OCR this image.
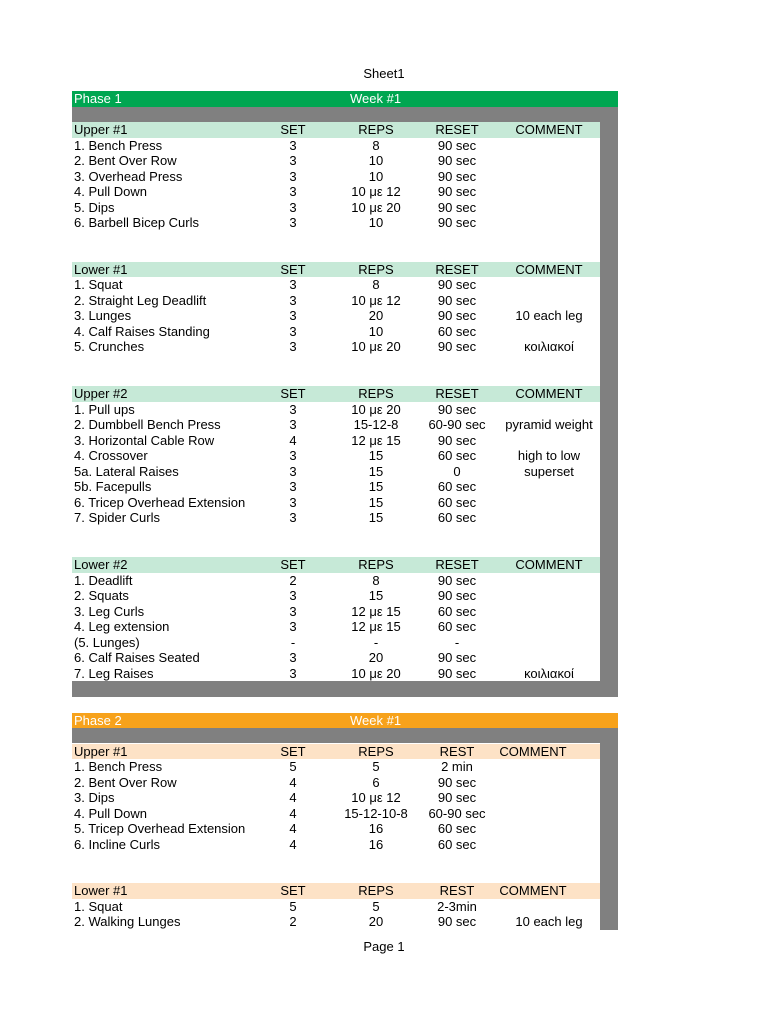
Sheet1
Phase 1	Week #1
Upper #1	SET	REPS	RESET	COMMENT
1. Bench Press	3	8	90 sec
2. Bent Over Row	3	10	90 sec
3. Overhead Press	3	10	90 sec
4. Pull Down	3	10 με 12	90 sec
5. Dips	3	10 με 20	90 sec
6. Barbell Bicep Curls	3	10	90 sec
Lower #1	SET	REPS	RESET	COMMENT
1. Squat	3	8	90 sec
2. Straight Leg Deadlift	3	10 με 12	90 sec
3. Lunges	3	20	90 sec	10 each leg
4. Calf Raises Standing	3	10	60 sec
5. Crunches	3	10 με 20	90 sec	κοιλιακοί
Upper #2	SET	REPS	RESET	COMMENT
1. Pull ups	3	10 με 20	90 sec
2. Dumbbell Bench Press	3	15-12-8	60-90 sec	pyramid weight
3. Horizontal Cable Row	4	12 με 15	90 sec
4. Crossover	3	15	60 sec	high to low
5a. Lateral Raises	3	15	0	superset
5b. Facepulls	3	15	60 sec
6. Tricep Overhead Extension	3	15	60 sec
7. Spider Curls	3	15	60 sec
Lower #2	SET	REPS	RESET	COMMENT
1. Deadlift	2	8	90 sec
2. Squats	3	15	90 sec
3. Leg Curls	3	12 με 15	60 sec
4. Leg extension	3	12 με 15	60 sec
(5. Lunges)	-	-	-
6. Calf Raises Seated	3	20	90 sec
7. Leg Raises	3	10 με 20	90 sec	κοιλιακοί
Phase 2	Week #1
Upper #1	SET	REPS	REST	COMMENT
1. Bench Press	5	5	2 min
2. Bent Over Row	4	6	90 sec
3. Dips	4	10 με 12	90 sec
4. Pull Down	4	15-12-10-8	60-90 sec
5. Tricep Overhead Extension	4	16	60 sec
6. Incline Curls	4	16	60 sec
Lower #1	SET	REPS	REST	COMMENT
1. Squat	5	5	2-3min
2. Walking Lunges	2	20	90 sec	10 each leg
Page 1
